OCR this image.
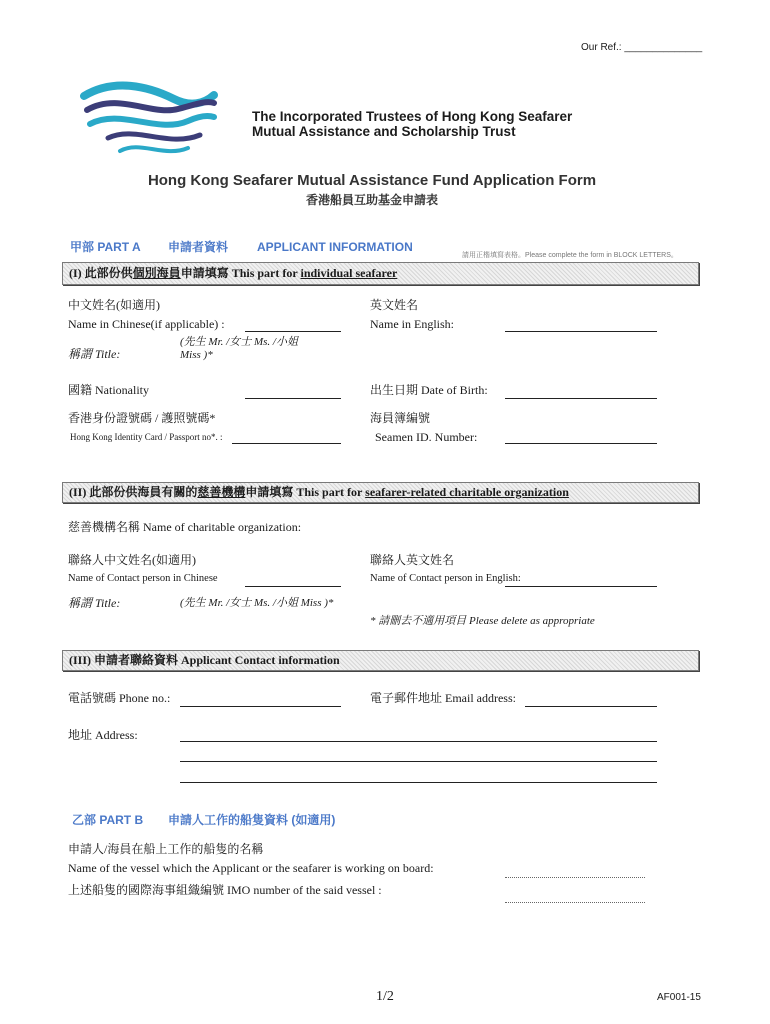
Our Ref.: ______________
The Incorporated Trustees of Hong Kong Seafarer
Mutual Assistance and Scholarship Trust
Hong Kong Seafarer Mutual Assistance Fund Application Form
香港船員互助基金申請表
甲部 PART A 申請者資料 APPLICANT INFORMATION
請用正楷填寫表格。Please complete the form in BLOCK LETTERS。
(I) 此部份供個別海員申請填寫 This part for individual seafarer
中文姓名(如適用)
Name in Chinese(if applicable) :
英文姓名
Name in English:
稱謂 Title:
(先生 Mr. /女士 Ms. /小姐
Miss )*
國籍 Nationality	出生日期 Date of Birth:
香港身份證號碼 / 護照號碼*
Hong Kong Identity Card / Passport no*. :
海員簿編號
Seamen ID. Number:
(II) 此部份供海員有關的慈善機構申請填寫 This part for seafarer-related charitable organization
慈善機構名稱 Name of charitable organization:
聯絡人中文姓名(如適用)
Name of Contact person in Chinese
聯絡人英文姓名
Name of Contact person in English:
稱謂 Title:	(先生 Mr. /女士 Ms. /小姐 Miss )*
* 請刪去不適用項目 Please delete as appropriate
(III) 申請者聯絡資料 Applicant Contact information
電話號碼 Phone no.:	電子郵件地址 Email address:
地址 Address:
乙部 PART B 申請人工作的船隻資料 (如適用)
申請人/海員在船上工作的船隻的名稱
Name of the vessel which the Applicant or the seafarer is working on board:
上述船隻的國際海事組織編號 IMO number of the said vessel :
1/2	AF001-15
